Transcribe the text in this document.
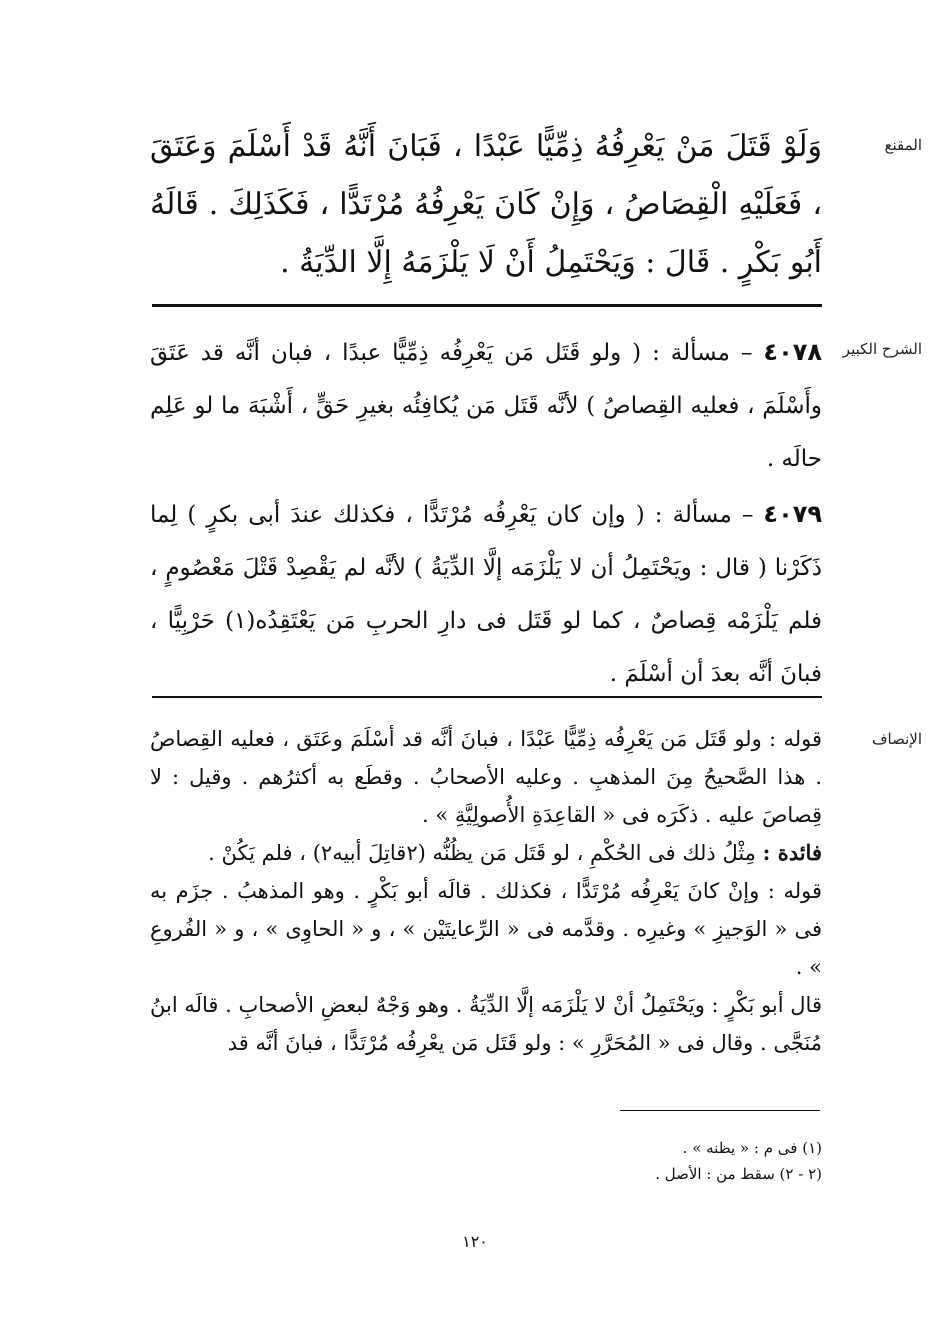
المقنع

وَلَوْ قَتَلَ مَنْ يَعْرِفُهُ ذِمِّيًّا عَبْدًا ، فَبَانَ أَنَّهُ قَدْ أَسْلَمَ وَعَتَقَ ، فَعَلَيْهِ الْقِصَاصُ ، وَإِنْ كَانَ يَعْرِفُهُ مُرْتَدًّا ، فَكَذَلِكَ . قَالَهُ أَبُو بَكْرٍ . قَالَ : وَيَحْتَمِلُ أَنْ لَا يَلْزَمَهُ إِلَّا الدِّيَةُ .

الشرح الكبير

٤٠٧٨ – مسألة : ( ولو قَتَل مَن يَعْرِفُه ذِمِّيًّا عبدًا ، فبان أنَّه قد عَتَقَ وأَسْلَمَ ، فعليه القِصاصُ ) لأنَّه قَتَل مَن يُكافِئُه بغيرِ حَقٍّ ، أَشْبَهَ ما لو عَلِم حالَه .

٤٠٧٩ – مسألة : ( وإن كان يَعْرِفُه مُرْتَدًّا ، فكذلك عندَ أبى بكرٍ ) لِما ذَكَرْنا ( قال : ويَحْتَمِلُ أن لا يَلْزَمَه إلَّا الدِّيَةُ ) لأنَّه لم يَقْصِدْ قَتْلَ مَعْصُومٍ ، فلم يَلْزَمْه قِصاصٌ ، كما لو قَتَل فى دارِ الحربِ مَن يَعْتَقِدُه(١) حَرْبِيًّا ، فبانَ أنَّه بعدَ أن أسْلَمَ .

الإنصاف

قوله : ولو قَتَل مَن يَعْرِفُه ذِمِّيًّا عَبْدًا ، فبانَ أنَّه قد أسْلَمَ وعَتَق ، فعليه القِصاصُ . هذا الصَّحيحُ مِنَ المذهبِ . وعليه الأصحابُ . وقطَع به أكثرُهم . وقيل : لا قِصاصَ عليه . ذكَرَه فى « القاعِدَةِ الأُصولِيَّةِ » .

فائدة : مِثْلُ ذلك فى الحُكْمِ ، لو قَتَل مَن يظُنُّه (٢قاتِلَ أبيه٢) ، فلم يَكُنْ .

قوله : وإنْ كانَ يَعْرِفُه مُرْتَدًّا ، فكذلك . قالَه أبو بَكْرٍ . وهو المذهبُ . جزَم به فى « الوَجيزِ » وغيرِه . وقدَّمه فى « الرِّعايتَيْن » ، و « الحاوِى » ، و « الفُروعِ » .

قال أبو بَكْرٍ : ويَحْتَمِلُ أنْ لا يَلْزَمَه إلَّا الدِّيَةُ . وهو وَجْهٌ لبعضِ الأصحابِ . قالَه ابنُ مُنَجَّى . وقال فى « المُحَرَّرِ » : ولو قَتَل مَن يعْرِفُه مُرْتَدًّا ، فبانَ أنَّه قد

(١) فى م : « يظنه » .
(٢ - ٢) سقط من : الأصل .
١٢٠
